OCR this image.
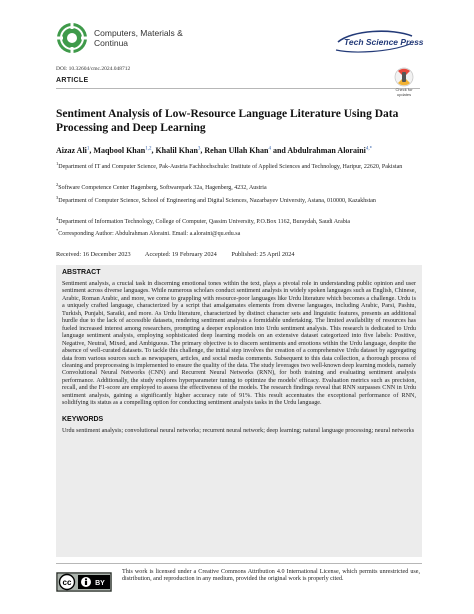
Computers, Materials &
Continua	Tech Science Press
DOI: 10.32604/cmc.2024.048712
ARTICLE
Check for
updates
Sentiment Analysis of Low-Resource Language Literature Using Data Processing and Deep Learning
Aizaz Ali$^1$, Maqbool Khan$^{1,2}$, Khalil Khan$^3$, Rehan Ullah Khan$^4$ and Abdulrahman Aloraini$^{4,*}$
$^1$Department of IT and Computer Science, Pak-Austria Fachhochschule: Institute of Applied Sciences and Technology, Haripur, 22620, Pakistan
$^2$Software Competence Center Hagenberg, Softwarepark 32a, Hagenberg, 4232, Austria
$^3$Department of Computer Science, School of Engineering and Digital Sciences, Nazarbayev University, Astana, 010000, Kazakhstan
$^4$Department of Information Technology, College of Computer, Qassim University, P.O.Box 1162, Buraydah, Saudi Arabia
*Corresponding Author: Abdulrahman Aloraini. Email: a.aloraini@qu.edu.sa
Received: 16 December 2023 Accepted: 19 February 2024 Published: 25 April 2024
ABSTRACT

Sentiment analysis, a crucial task in discerning emotional tones within the text, plays a pivotal role in understanding public opinion and user sentiment across diverse languages. While numerous scholars conduct sentiment analysis in widely spoken languages such as English, Chinese, Arabic, Roman Arabic, and more, we come to grappling with resource-poor languages like Urdu literature which becomes a challenge. Urdu is a uniquely crafted language, characterized by a script that amalgamates elements from diverse languages, including Arabic, Parsi, Pashtu, Turkish, Punjabi, Saraiki, and more. As Urdu literature, characterized by distinct character sets and linguistic features, presents an additional hurdle due to the lack of accessible datasets, rendering sentiment analysis a formidable undertaking. The limited availability of resources has fueled increased interest among researchers, prompting a deeper exploration into Urdu sentiment analysis. This research is dedicated to Urdu language sentiment analysis, employing sophisticated deep learning models on an extensive dataset categorized into five labels: Positive, Negative, Neutral, Mixed, and Ambiguous. The primary objective is to discern sentiments and emotions within the Urdu language, despite the absence of well-curated datasets. To tackle this challenge, the initial step involves the creation of a comprehensive Urdu dataset by aggregating data from various sources such as newspapers, articles, and social media comments. Subsequent to this data collection, a thorough process of cleaning and preprocessing is implemented to ensure the quality of the data. The study leverages two well-known deep learning models, namely Convolutional Neural Networks (CNN) and Recurrent Neural Networks (RNN), for both training and evaluating sentiment analysis performance. Additionally, the study explores hyperparameter tuning to optimize the models' efficacy. Evaluation metrics such as precision, recall, and the F1-score are employed to assess the effectiveness of the models. The research findings reveal that RNN surpasses CNN in Urdu sentiment analysis, gaining a significantly higher accuracy rate of 91%. This result accentuates the exceptional performance of RNN, solidifying its status as a compelling option for conducting sentiment analysis tasks in the Urdu language.

KEYWORDS

Urdu sentiment analysis; convolutional neural networks; recurrent neural network; deep learning; natural language processing; neural networks

cc	BY
This work is licensed under a Creative Commons Attribution 4.0 International License, which permits unrestricted use, distribution, and reproduction in any medium, provided the original work is properly cited.
